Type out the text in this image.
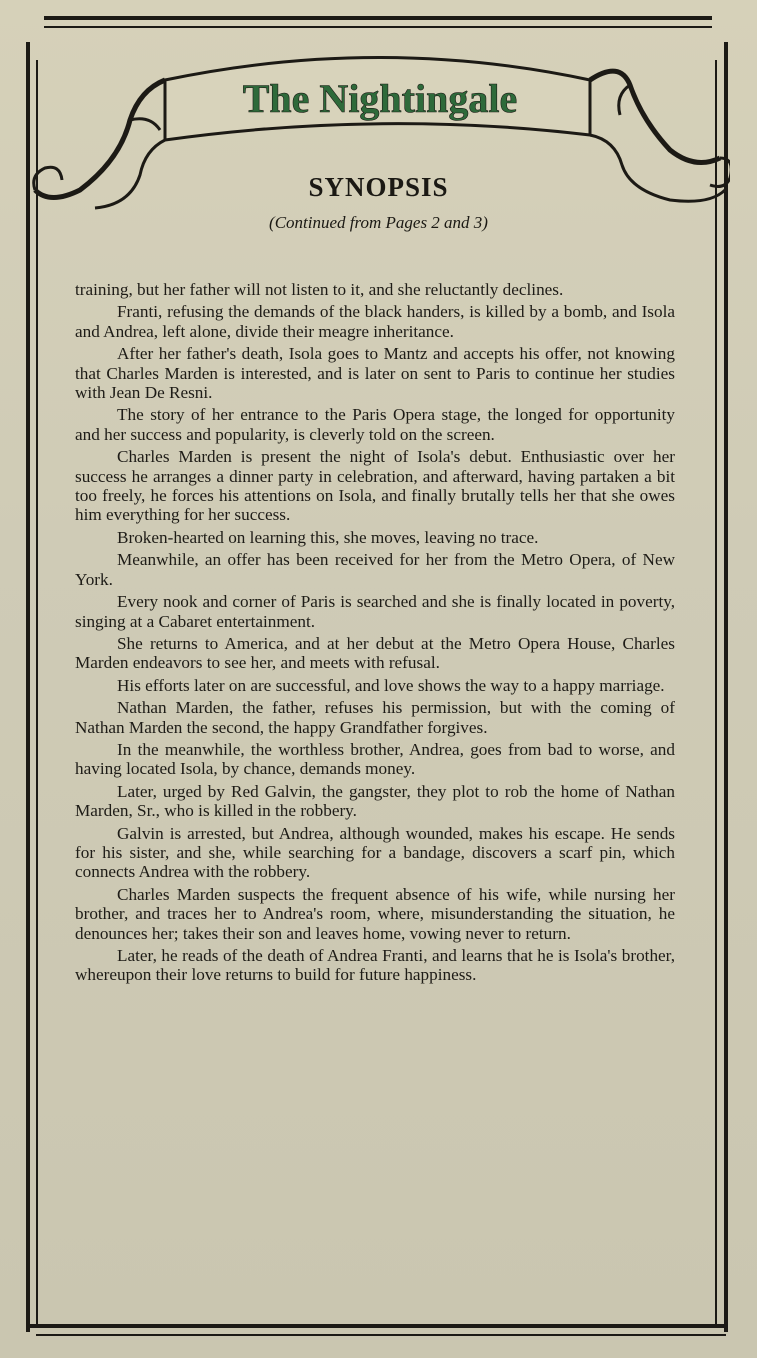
The Nightingale
SYNOPSIS
(Continued from Pages 2 and 3)

training, but her father will not listen to it, and she reluctantly declines.

Franti, refusing the demands of the black handers, is killed by a bomb, and Isola and Andrea, left alone, divide their meagre inheritance.

After her father's death, Isola goes to Mantz and accepts his offer, not knowing that Charles Marden is interested, and is later on sent to Paris to continue her studies with Jean De Resni.

The story of her entrance to the Paris Opera stage, the longed for opportunity and her success and popularity, is cleverly told on the screen.

Charles Marden is present the night of Isola's debut. Enthusiastic over her success he arranges a dinner party in celebration, and afterward, having partaken a bit too freely, he forces his attentions on Isola, and finally brutally tells her that she owes him everything for her success.

Broken-hearted on learning this, she moves, leaving no trace.

Meanwhile, an offer has been received for her from the Metro Opera, of New York.

Every nook and corner of Paris is searched and she is finally located in poverty, singing at a Cabaret entertainment.

She returns to America, and at her debut at the Metro Opera House, Charles Marden endeavors to see her, and meets with refusal.

His efforts later on are successful, and love shows the way to a happy marriage.

Nathan Marden, the father, refuses his permission, but with the coming of Nathan Marden the second, the happy Grandfather forgives.

In the meanwhile, the worthless brother, Andrea, goes from bad to worse, and having located Isola, by chance, demands money.

Later, urged by Red Galvin, the gangster, they plot to rob the home of Nathan Marden, Sr., who is killed in the robbery.

Galvin is arrested, but Andrea, although wounded, makes his escape. He sends for his sister, and she, while searching for a bandage, discovers a scarf pin, which connects Andrea with the robbery.

Charles Marden suspects the frequent absence of his wife, while nursing her brother, and traces her to Andrea's room, where, misunderstanding the situation, he denounces her; takes their son and leaves home, vowing never to return.

Later, he reads of the death of Andrea Franti, and learns that he is Isola's brother, whereupon their love returns to build for future happiness.
